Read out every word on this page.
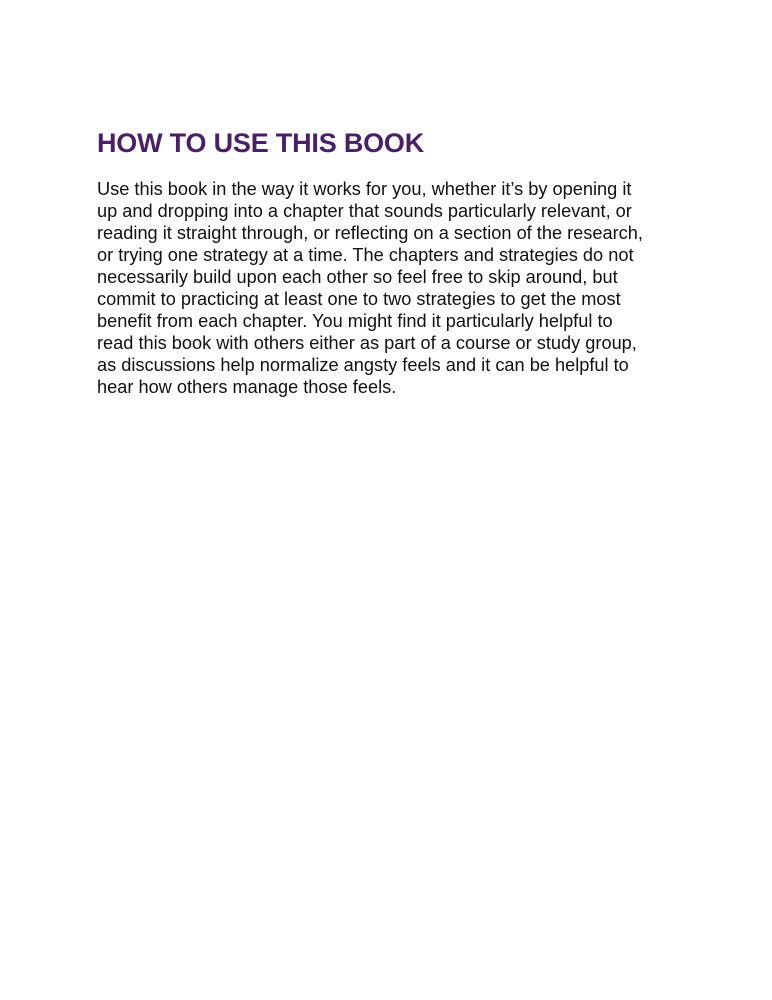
HOW TO USE THIS BOOK

Use this book in the way it works for you, whether it’s by opening it
up and dropping into a chapter that sounds particularly relevant, or
reading it straight through, or reflecting on a section of the research,
or trying one strategy at a time. The chapters and strategies do not
necessarily build upon each other so feel free to skip around, but
commit to practicing at least one to two strategies to get the most
benefit from each chapter. You might find it particularly helpful to
read this book with others either as part of a course or study group,
as discussions help normalize angsty feels and it can be helpful to
hear how others manage those feels.
